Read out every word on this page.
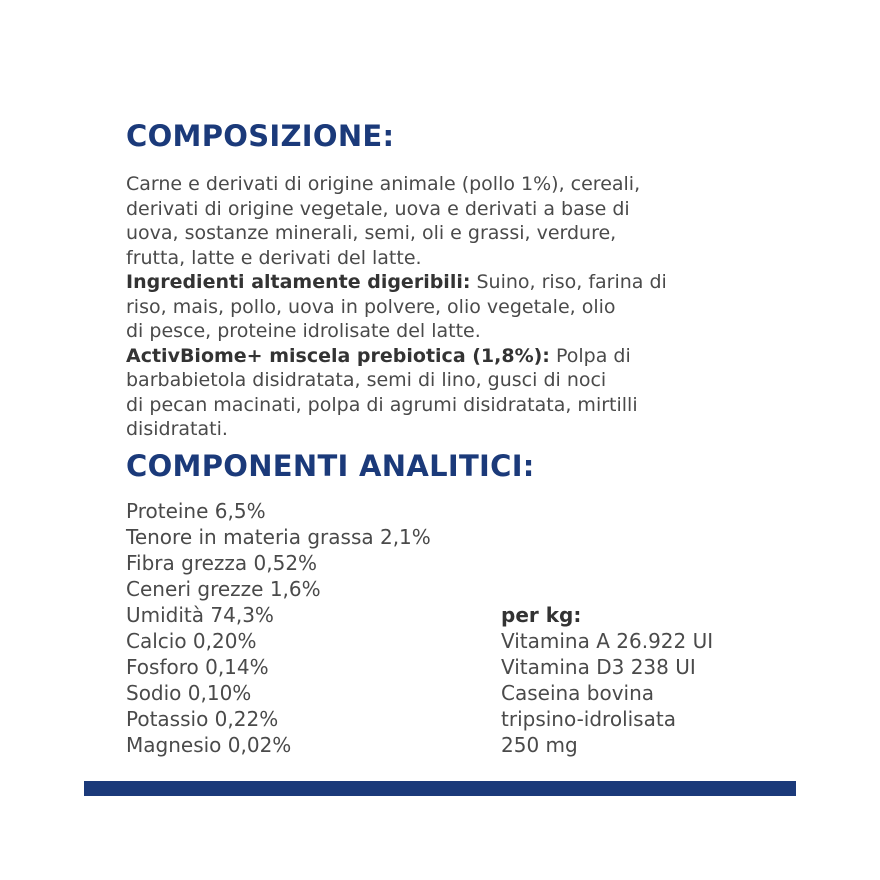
COMPOSIZIONE:
Carne e derivati di origine animale (pollo 1%), cereali,
derivati di origine vegetale, uova e derivati a base di
uova, sostanze minerali, semi, oli e grassi, verdure,
frutta, latte e derivati del latte.
Ingredienti altamente digeribili: Suino, riso, farina di
riso, mais, pollo, uova in polvere, olio vegetale, olio
di pesce, proteine idrolisate del latte.
ActivBiome+ miscela prebiotica (1,8%): Polpa di
barbabietola disidratata, semi di lino, gusci di noci
di pecan macinati, polpa di agrumi disidratata, mirtilli
disidratati.
COMPONENTI ANALITICI:
Proteine 6,5%
Tenore in materia grassa 2,1%
Fibra grezza 0,52%
Ceneri grezze 1,6%
Umidità 74,3%
Calcio 0,20%
Fosforo 0,14%
Sodio 0,10%
Potassio 0,22%
Magnesio 0,02%
per kg:
Vitamina A 26.922 UI
Vitamina D3 238 UI
Caseina bovina
tripsino-idrolisata
250 mg
